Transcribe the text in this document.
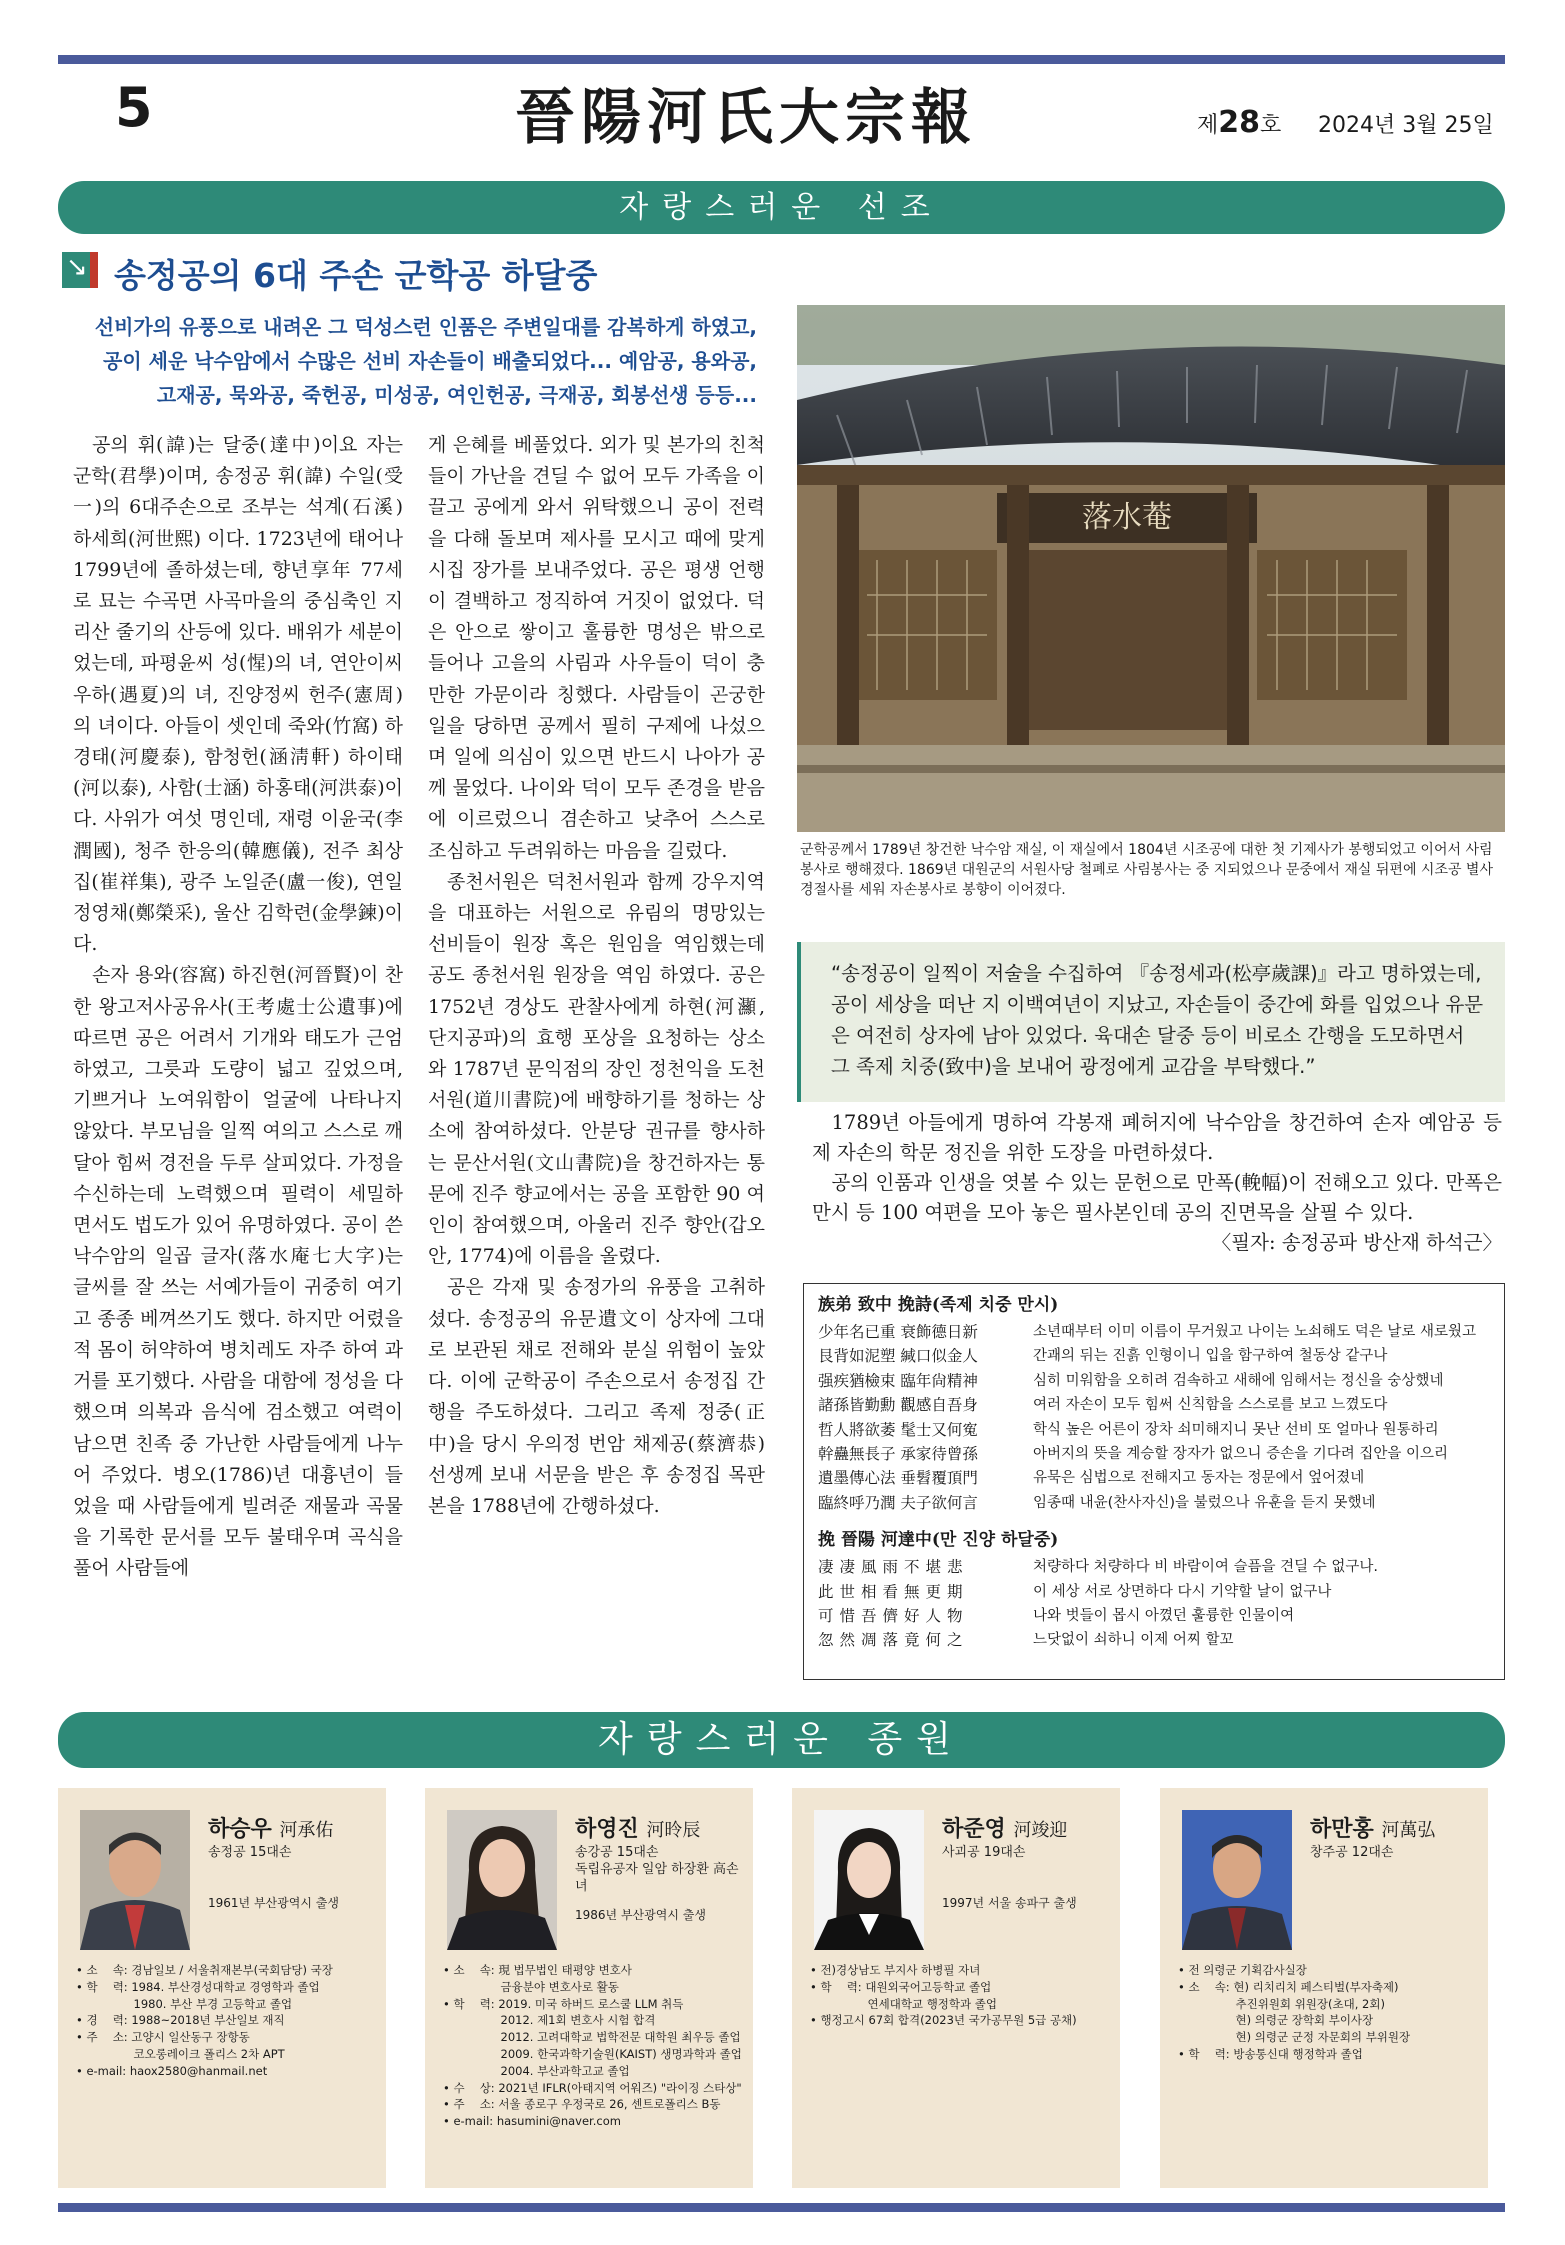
5	晉陽河氏大宗報	제28호 2024년 3월 25일
자랑스러운 선조
↘ 송정공의 6대 주손 군학공 하달중
선비가의 유풍으로 내려온 그 덕성스런 인품은 주변일대를 감복하게 하였고,
공이 세운 낙수암에서 수많은 선비 자손들이 배출되었다... 예암공, 용와공,
고재공, 묵와공, 죽헌공, 미성공, 여인헌공, 극재공, 회봉선생 등등...

공의 휘(諱)는 달중(達中)이요 자는 군학(君學)이며, 송정공 휘(諱) 수일(受一)의 6대주손으로 조부는 석계(石溪) 하세희(河世熙) 이다. 1723년에 태어나 1799년에 졸하셨는데, 향년享年 77세로 묘는 수곡면 사곡마을의 중심축인 지리산 줄기의 산등에 있다. 배위가 세분이었는데, 파평윤씨 성(惺)의 녀, 연안이씨 우하(遇夏)의 녀, 진양정씨 헌주(憲周)의 녀이다. 아들이 셋인데 죽와(竹窩) 하경태(河慶泰), 함청헌(涵淸軒) 하이태(河以泰), 사함(士涵) 하홍태(河洪泰)이다. 사위가 여섯 명인데, 재령 이윤국(李潤國), 청주 한응의(韓應儀), 전주 최상집(崔祥集), 광주 노일준(盧一俊), 연일 정영채(鄭榮采), 울산 김학련(金學鍊)이다.

손자 용와(容窩) 하진현(河晉賢)이 찬한 왕고저사공유사(王考處士公遺事)에 따르면 공은 어려서 기개와 태도가 근엄하였고, 그릇과 도량이 넓고 깊었으며, 기쁘거나 노여워함이 얼굴에 나타나지 않았다. 부모님을 일찍 여의고 스스로 깨달아 힘써 경전을 두루 살피었다. 가정을 수신하는데 노력했으며 필력이 세밀하면서도 법도가 있어 유명하였다. 공이 쓴 낙수암의 일곱 글자(落水庵七大字)는 글씨를 잘 쓰는 서예가들이 귀중히 여기고 종종 베껴쓰기도 했다. 하지만 어렸을 적 몸이 허약하여 병치레도 자주 하여 과거를 포기했다. 사람을 대함에 정성을 다했으며 의복과 음식에 검소했고 여력이 남으면 친족 중 가난한 사람들에게 나누어 주었다. 병오(1786)년 대흉년이 들었을 때 사람들에게 빌려준 재물과 곡물을 기록한 문서를 모두 불태우며 곡식을 풀어 사람들에

게 은혜를 베풀었다. 외가 및 본가의 친척들이 가난을 견딜 수 없어 모두 가족을 이끌고 공에게 와서 위탁했으니 공이 전력을 다해 돌보며 제사를 모시고 때에 맞게 시집 장가를 보내주었다. 공은 평생 언행이 결백하고 정직하여 거짓이 없었다. 덕은 안으로 쌓이고 훌륭한 명성은 밖으로 들어나 고을의 사림과 사우들이 덕이 충만한 가문이라 칭했다. 사람들이 곤궁한 일을 당하면 공께서 필히 구제에 나섰으며 일에 의심이 있으면 반드시 나아가 공께 물었다. 나이와 덕이 모두 존경을 받음에 이르렀으니 겸손하고 낮추어 스스로 조심하고 두려워하는 마음을 길렀다.

종천서원은 덕천서원과 함께 강우지역을 대표하는 서원으로 유림의 명망있는 선비들이 원장 혹은 원임을 역임했는데 공도 종천서원 원장을 역임 하였다. 공은 1752년 경상도 관찰사에게 하현(河灦,단지공파)의 효행 포상을 요청하는 상소와 1787년 문익점의 장인 정천익을 도천서원(道川書院)에 배향하기를 청하는 상소에 참여하셨다. 안분당 권규를 향사하는 문산서원(文山書院)을 창건하자는 통문에 진주 향교에서는 공을 포함한 90 여인이 참여했으며, 아울러 진주 향안(갑오안, 1774)에 이름을 올렸다.

공은 각재 및 송정가의 유풍을 고취하셨다. 송정공의 유문遺文이 상자에 그대로 보관된 채로 전해와 분실 위험이 높았다. 이에 군학공이 주손으로서 송정집 간행을 주도하셨다. 그리고 족제 정중(正中)을 당시 우의정 번암 채제공(蔡濟恭) 선생께 보내 서문을 받은 후 송정집 목판본을 1788년에 간행하셨다.

落水菴
군학공께서 1789년 창건한 낙수암 재실, 이 재실에서 1804년 시조공에 대한 첫 기제사가 봉행되었고 이어서 사림봉사로 행해졌다. 1869년 대원군의 서원사당 철폐로 사림봉사는 중 지되었으나 문중에서 재실 뒤편에 시조공 별사 경절사를 세워 자손봉사로 봉향이 이어졌다.
“송정공이 일찍이 저술을 수집하여 『송정세과(松亭歲課)』라고 명하였는데, 공이 세상을 떠난 지 이백여년이 지났고, 자손들이 중간에 화를 입었으나 유문은 여전히 상자에 남아 있었다. 육대손 달중 등이 비로소 간행을 도모하면서 그 족제 치중(致中)을 보내어 광정에게 교감을 부탁했다.”

1789년 아들에게 명하여 각봉재 폐허지에 낙수암을 창건하여 손자 예암공 등 제 자손의 학문 정진을 위한 도장을 마련하셨다.

공의 인품과 인생을 엿볼 수 있는 문헌으로 만폭(輓幅)이 전해오고 있다. 만폭은 만시 등 100 여편을 모아 놓은 필사본인데 공의 진면목을 살필 수 있다.

〈필자: 송정공파 방산재 하석근〉
族弟 致中 挽詩(족제 치중 만시)
少年名已重 衰飾德日新	소년때부터 이미 이름이 무거웠고 나이는 노쇠해도 덕은 날로 새로웠고
艮背如泥塑 緘口似金人	간괘의 뒤는 진흙 인형이니 입을 함구하여 철동상 같구나
强疾猶檢束 臨年尙精神	심히 미워함을 오히려 검속하고 새해에 임해서는 정신을 숭상했네
諸孫皆勤勳 觀感自吾身	여러 자손이 모두 힘써 신칙함을 스스로를 보고 느꼈도다
哲人將欲萎 髦士又何寃	학식 높은 어른이 장차 쇠미해지니 못난 선비 또 얼마나 원통하리
幹蠱無長子 承家待曾孫	아버지의 뜻을 계승할 장자가 없으니 증손을 기다려 집안을 이으리
遺墨傳心法 垂髫覆頂門	유묵은 심법으로 전해지고 동자는 정문에서 엎어졌네
臨終呼乃潤 夫子欲何言	임종때 내윤(찬사자신)을 불렀으나 유훈을 듣지 못했네
挽 晉陽 河達中(만 진양 하달중)
凄凄風雨不堪悲	처량하다 처량하다 비 바람이여 슬픔을 견딜 수 없구나.
此世相看無更期	이 세상 서로 상면하다 다시 기약할 날이 없구나
可惜吾儕好人物	나와 벗들이 몹시 아꼈던 훌륭한 인물이여
忽然凋落竟何之	느닷없이 쇠하니 이제 어찌 할꼬
자랑스러운 종원
하승우 河承佑
송정공 15대손
1961년 부산광역시 출생
• 소　 속: 경남일보 / 서울취재본부(국회담당) 국장
• 학　 력: 1984. 부산경성대학교 경영학과 졸업
　　　　　1980. 부산 부경 고등학교 졸업
• 경　 력: 1988~2018년 부산일보 재직
• 주　 소: 고양시 일산동구 장항동
　　　　　코오롱레이크 폴리스 2차 APT
• e-mail: haox2580@hanmail.net
하영진 河昤辰
송강공 15대손
독립유공자 일암 하장환 高손녀
1986년 부산광역시 출생
• 소　 속: 現 법무법인 태평양 변호사
　　　　　금융분야 변호사로 활동
• 학　 력: 2019. 미국 하버드 로스쿨 LLM 취득
　　　　　2012. 제1회 변호사 시험 합격
　　　　　2012. 고려대학교 법학전문 대학원 최우등 졸업
　　　　　2009. 한국과학기술원(KAIST) 생명과학과 졸업
　　　　　2004. 부산과학고교 졸업
• 수　 상: 2021년 IFLR(아태지역 어워즈) "라이징 스타상"
• 주　 소: 서울 종로구 우정국로 26, 센트로폴리스 B동
• e-mail: hasumini@naver.com
하준영 河竣迎
사괴공 19대손
1997년 서울 송파구 출생
• 전)경상남도 부지사 하병필 자녀
• 학　 력: 대원외국어고등학교 졸업
　　　　　연세대학교 행정학과 졸업
• 행정고시 67회 합격(2023년 국가공무원 5급 공채)
하만홍 河萬弘
창주공 12대손
• 전 의령군 기획감사실장
• 소　 속: 현) 리치리치 페스티벌(부자축제)
　　　　　추진위원회 위원장(초대, 2회)
　　　　　현) 의령군 장학회 부이사장
　　　　　현) 의령군 군정 자문회의 부위원장
• 학　 력: 방송통신대 행정학과 졸업
